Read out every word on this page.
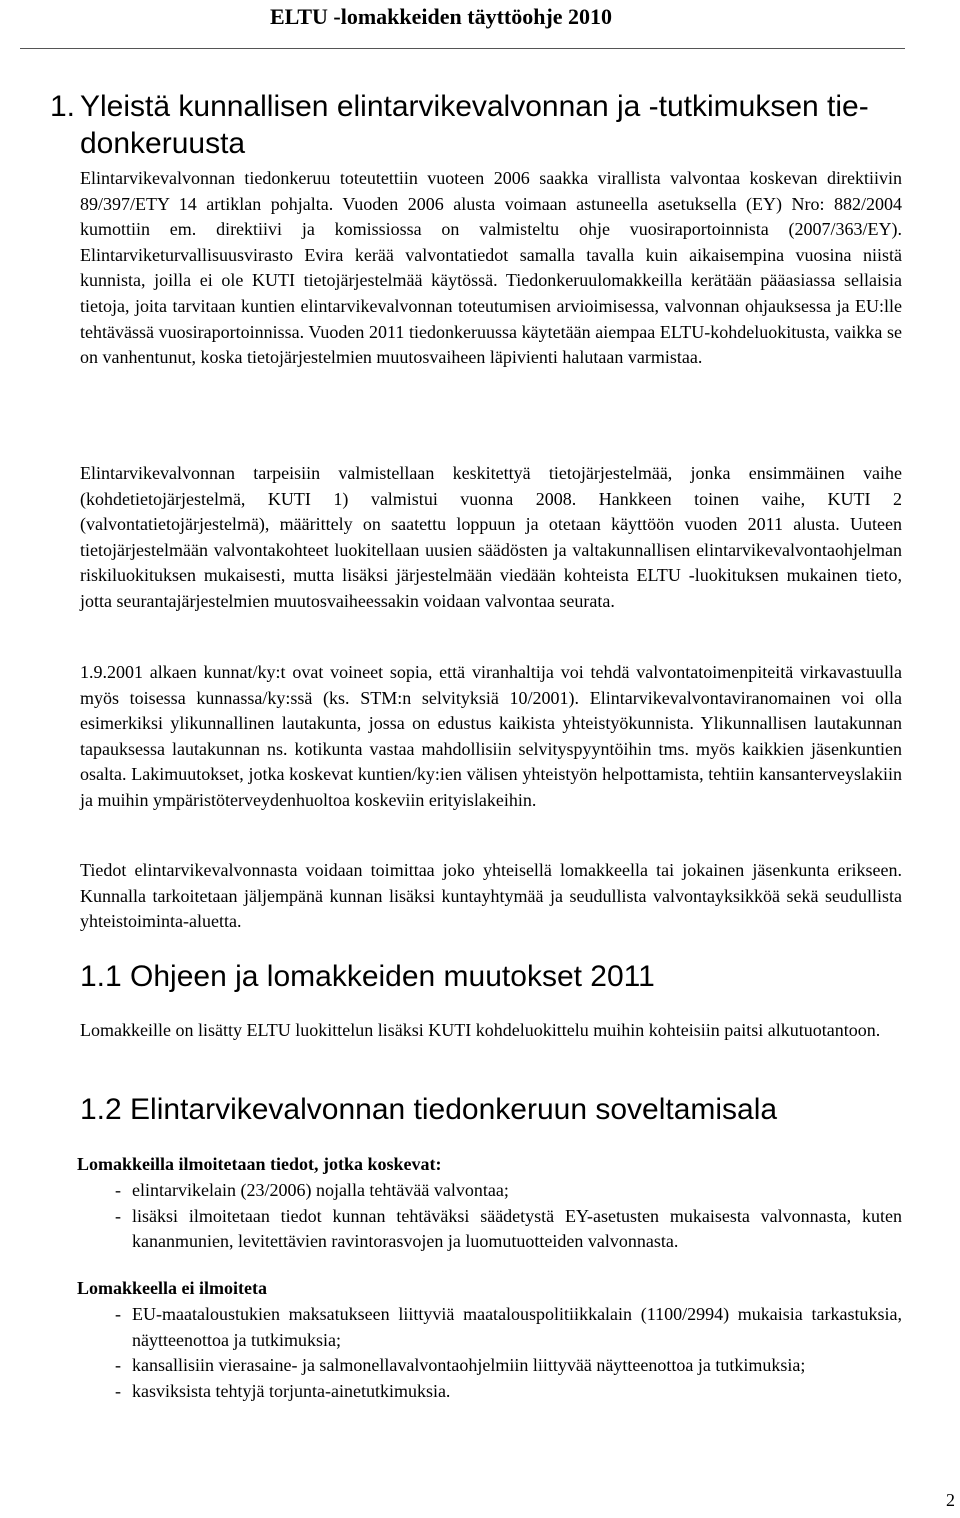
ELTU -lomakkeiden täyttöohje 2010
1. Yleistä kunnallisen elintarvikevalvonnan ja -tutkimuksen tie-
donkeruusta

Elintarvikevalvonnan tiedonkeruu toteutettiin vuoteen 2006 saakka virallista valvontaa koskevan direktiivin 89/397/ETY 14 artiklan pohjalta. Vuoden 2006 alusta voimaan astuneella asetuksella (EY) Nro: 882/2004 kumottiin em. direktiivi ja komissiossa on valmisteltu ohje vuosiraportoinnista (2007/363/EY). Elintarviketurvallisuusvirasto Evira kerää valvontatiedot samalla tavalla kuin aikaisempina vuosina niistä kunnista, joilla ei ole KUTI tietojärjestelmää käytössä. Tiedonkeruulomakkeilla kerätään pääasiassa sellaisia tietoja, joita tarvitaan kuntien elintarvikevalvonnan toteutumisen arvioimisessa, valvonnan ohjauksessa ja EU:lle tehtävässä vuosiraportoinnissa. Vuoden 2011 tiedonkeruussa käytetään aiempaa ELTU-kohdeluokitusta, vaikka se on vanhentunut, koska tietojärjestelmien muutosvaiheen läpivienti halutaan varmistaa.

Elintarvikevalvonnan tarpeisiin valmistellaan keskitettyä tietojärjestelmää, jonka ensimmäinen vaihe (kohdetietojärjestelmä, KUTI 1) valmistui vuonna 2008. Hankkeen toinen vaihe, KUTI 2 (valvontatietojärjestelmä), määrittely on saatettu loppuun ja otetaan käyttöön vuoden 2011 alusta. Uuteen tietojärjestelmään valvontakohteet luokitellaan uusien säädösten ja valtakunnallisen elintarvikevalvontaohjelman riskiluokituksen mukaisesti, mutta lisäksi järjestelmään viedään kohteista ELTU -luokituksen mukainen tieto, jotta seurantajärjestelmien muutosvaiheessakin voidaan valvontaa seurata.

1.9.2001 alkaen kunnat/ky:t ovat voineet sopia, että viranhaltija voi tehdä valvontatoimenpiteitä virkavastuulla myös toisessa kunnassa/ky:ssä (ks. STM:n selvityksiä 10/2001). Elintarvikevalvontaviranomainen voi olla esimerkiksi ylikunnallinen lautakunta, jossa on edustus kaikista yhteistyökunnista. Ylikunnallisen lautakunnan tapauksessa lautakunnan ns. kotikunta vastaa mahdollisiin selvityspyyntöihin tms. myös kaikkien jäsenkuntien osalta. Lakimuutokset, jotka koskevat kuntien/ky:ien välisen yhteistyön helpottamista, tehtiin kansanterveyslakiin ja muihin ympäristöterveydenhuoltoa koskeviin erityislakeihin.

Tiedot elintarvikevalvonnasta voidaan toimittaa joko yhteisellä lomakkeella tai jokainen jäsenkunta erikseen. Kunnalla tarkoitetaan jäljempänä kunnan lisäksi kuntayhtymää ja seudullista valvontayksikköä sekä seudullista yhteistoiminta-aluetta.

1.1 Ohjeen ja lomakkeiden muutokset 2011

Lomakkeille on lisätty ELTU luokittelun lisäksi KUTI kohdeluokittelu muihin kohteisiin paitsi alkutuotantoon.

1.2 Elintarvikevalvonnan tiedonkeruun soveltamisala
Lomakkeilla ilmoitetaan tiedot, jotka koskevat:
- elintarvikelain (23/2006) nojalla tehtävää valvontaa;
- lisäksi ilmoitetaan tiedot kunnan tehtäväksi säädetystä EY-asetusten mukaisesta valvonnasta, kuten kananmunien, levitettävien ravintorasvojen ja luomutuotteiden valvonnasta.
Lomakkeella ei ilmoiteta
- EU-maataloustukien maksatukseen liittyviä maatalouspolitiikkalain (1100/2994) mukaisia tarkastuksia, näytteenottoa ja tutkimuksia;
- kansallisiin vierasaine- ja salmonellavalvontaohjelmiin liittyvää näytteenottoa ja tutkimuksia;
- kasviksista tehtyjä torjunta-ainetutkimuksia.
2
